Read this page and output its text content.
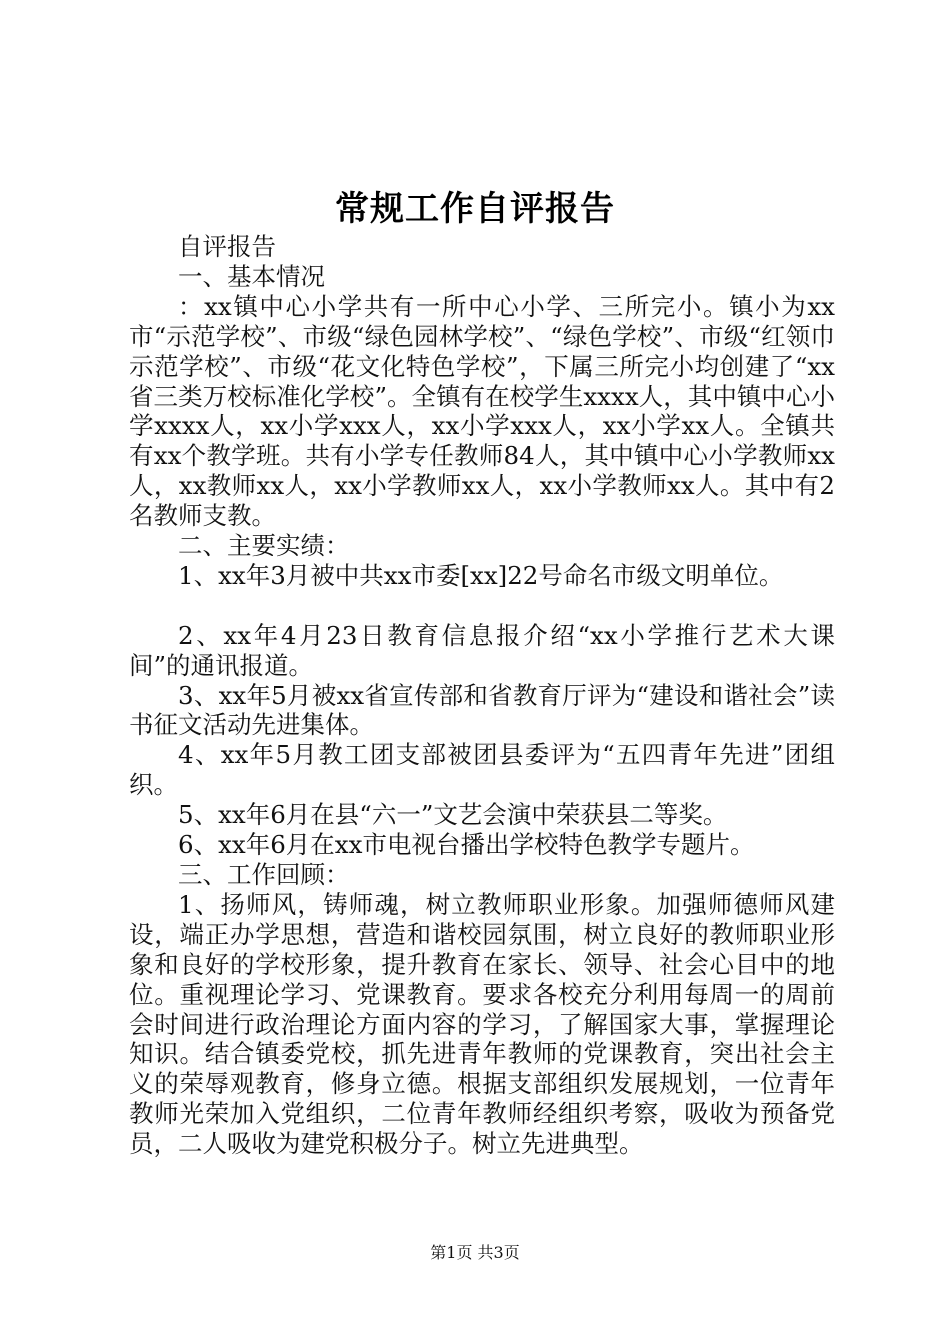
常规工作自评报告

自评报告

一、基本情况

：xx镇中心小学共有一所中心小学、三所完小。镇小为xx市“示范学校”、市级“绿色园林学校”、“绿色学校”、市级“红领巾示范学校”、市级“花文化特色学校”，下属三所完小均创建了“xx省三类万校标准化学校”。全镇有在校学生xxxx人，其中镇中心小学xxxx人，xx小学xxx人，xx小学xxx人，xx小学xx人。全镇共有xx个教学班。共有小学专任教师84人，其中镇中心小学教师xx人，xx教师xx人，xx小学教师xx人，xx小学教师xx人。其中有2名教师支教。

二、主要实绩：

1、xx年3月被中共xx市委[xx]22号命名市级文明单位。

2、xx年4月23日教育信息报介绍“xx小学推行艺术大课间”的通讯报道。

3、xx年5月被xx省宣传部和省教育厅评为“建设和谐社会”读书征文活动先进集体。

4、xx年5月教工团支部被团县委评为“五四青年先进”团组织。

5、xx年6月在县“六一”文艺会演中荣获县二等奖。

6、xx年6月在xx市电视台播出学校特色教学专题片。

三、工作回顾：

1、扬师风，铸师魂，树立教师职业形象。加强师德师风建设，端正办学思想，营造和谐校园氛围，树立良好的教师职业形象和良好的学校形象，提升教育在家长、领导、社会心目中的地位。重视理论学习、党课教育。要求各校充分利用每周一的周前会时间进行政治理论方面内容的学习，了解国家大事，掌握理论知识。结合镇委党校，抓先进青年教师的党课教育，突出社会主义的荣辱观教育，修身立德。根据支部组织发展规划，一位青年教师光荣加入党组织，二位青年教师经组织考察，吸收为预备党员，二人吸收为建党积极分子。树立先进典型。

第1页 共3页
